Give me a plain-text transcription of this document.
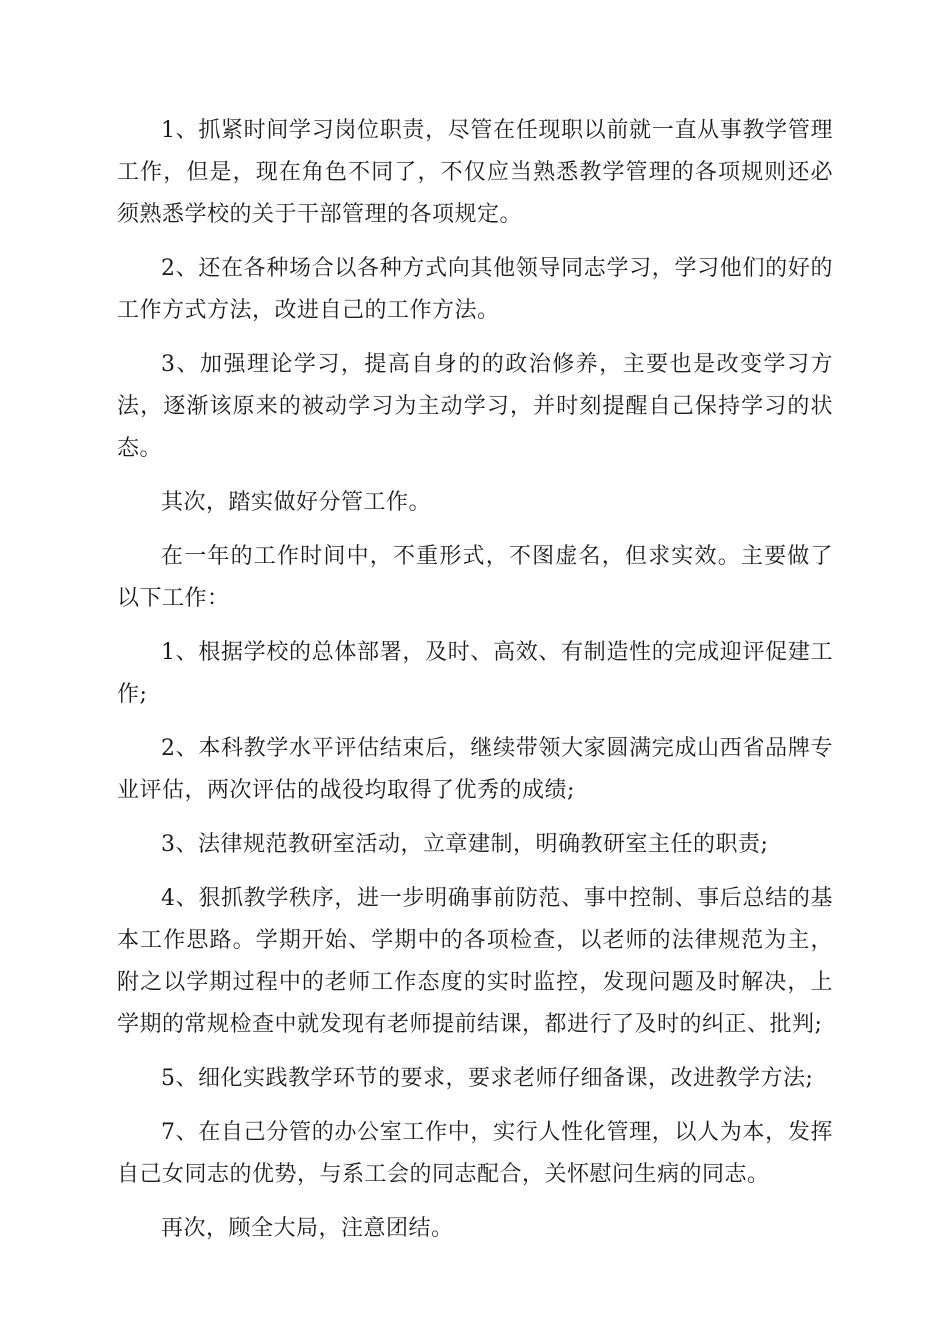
1、抓紧时间学习岗位职责，尽管在任现职以前就一直从事教学管理工作，但是，现在角色不同了，不仅应当熟悉教学管理的各项规则还必须熟悉学校的关于干部管理的各项规定。

2、还在各种场合以各种方式向其他领导同志学习，学习他们的好的工作方式方法，改进自己的工作方法。

3、加强理论学习，提高自身的的政治修养，主要也是改变学习方法，逐渐该原来的被动学习为主动学习，并时刻提醒自己保持学习的状态。

其次，踏实做好分管工作。

在一年的工作时间中，不重形式，不图虚名，但求实效。主要做了以下工作：

1、根据学校的总体部署，及时、高效、有制造性的完成迎评促建工作;

2、本科教学水平评估结束后，继续带领大家圆满完成山西省品牌专业评估，两次评估的战役均取得了优秀的成绩;

3、法律规范教研室活动，立章建制，明确教研室主任的职责;

4、狠抓教学秩序，进一步明确事前防范、事中控制、事后总结的基本工作思路。学期开始、学期中的各项检查，以老师的法律规范为主，附之以学期过程中的老师工作态度的实时监控，发现问题及时解决，上学期的常规检查中就发现有老师提前结课，都进行了及时的纠正、批判;

5、细化实践教学环节的要求，要求老师仔细备课，改进教学方法;

7、在自己分管的办公室工作中，实行人性化管理，以人为本，发挥自己女同志的优势，与系工会的同志配合，关怀慰问生病的同志。

再次，顾全大局，注意团结。
